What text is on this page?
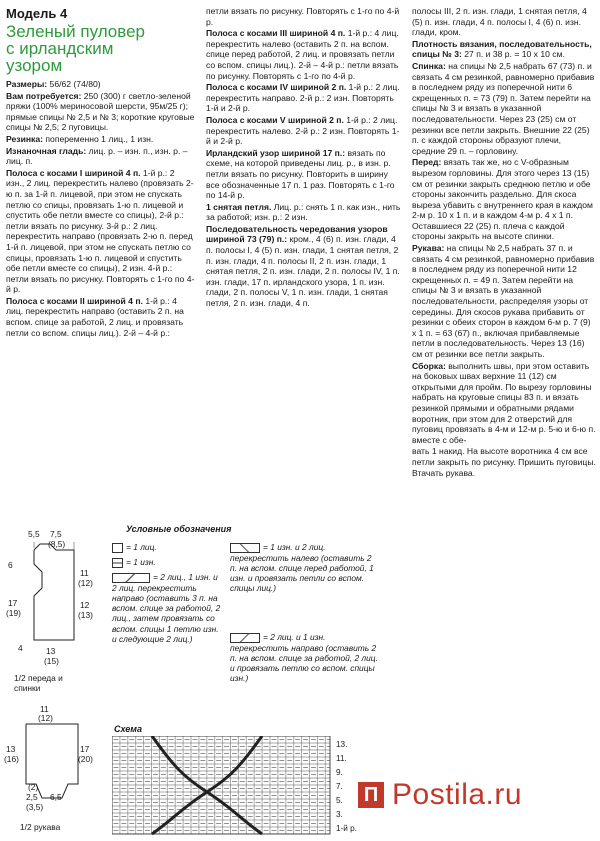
Модель 4
Зеленый пуловер
с ирландским
узором

Размеры: 56/62 (74/80)

Вам потребуется: 250 (300) г светло-зеленой пряжи (100% мериносовой шерсти, 95м/25 г); прямые спицы № 2,5 и № 3; короткие круговые спицы № 2,5; 2 пуговицы.

Резинка: попеременно 1 лиц., 1 изн.

Изнаночная гладь: лиц. р. – изн. п., изн. р. – лиц. п.

Полоса с косами I шириной 4 п. 1-й р.: 2 изн., 2 лиц. перекрестить налево (провязать 2-ю п. за 1-й п. лицевой, при этом не спускать петлю со спицы, провязать 1-ю п. лицевой и спустить обе петли вместе со спицы), 2-й р.: петли вязать по рисунку. 3-й р.: 2 лиц. перекрестить направо (провязать 2-ю п. перед 1-й п. лицевой, при этом не спускать петлю со спицы, провязать 1-ю п. лицевой и спустить обе петли вместе со спицы), 2 изн. 4-й р.: петли вязать по рисунку. Повторять с 1-го по 4-й р.

Полоса с косами II шириной 4 п. 1-й р.: 4 лиц. перекрестить направо (оставить 2 п. на вспом. спице за работой, 2 лиц. и провязать петли со вспом. спицы лиц.). 2-й – 4-й р.:

петли вязать по рисунку. Повторять с 1-го по 4-й р.

Полоса с косами III шириной 4 п. 1-й р.: 4 лиц. перекрестить налево (оставить 2 п. на вспом. спице перед работой, 2 лиц. и провязать петли со вспом. спицы лиц.). 2-й – 4-й р.: петли вязать по рисунку. Повторять с 1-го по 4-й р.

Полоса с косами IV шириной 2 п. 1-й р.: 2 лиц. перекрестить направо. 2-й р.: 2 изн. Повторять 1-й и 2-й р.

Полоса с косами V шириной 2 п. 1-й р.: 2 лиц. перекрестить налево. 2-й р.: 2 изн. Повторять 1-й и 2-й р.

Ирландский узор шириной 17 п.: вязать по схеме, на которой приведены лиц. р., в изн. р. петли вязать по рисунку. Повторить в ширину все обозначенные 17 п. 1 раз. Повторять с 1-го по 14-й р.

1 снятая петля. Лиц. р.: снять 1 п. как изн., нить за работой; изн. р.: 2 изн.

Последовательность чередования узоров шириной 73 (79) п.: кром., 4 (6) п. изн. глади, 4 п. полосы I, 4 (5) п. изн. глади, 1 снятая петля, 2 п. изн. глади, 4 п. полосы II, 2 п. изн. глади, 1 снятая петля, 2 п. изн. глади, 2 п. полосы IV, 1 п. изн. глади, 17 п. ирландского узора, 1 п. изн. глади, 2 п. полосы V, 1 п. изн. глади, 1 снятая петля, 2 п. изн. глади, 4 п.

полосы III, 2 п. изн. глади, 1 снятая петля, 4 (5) п. изн. глади, 4 п. полосы I, 4 (6) п. изн. глади, кром.

Плотность вязания, последовательность, спицы № 3: 27 п. и 38 р. = 10 х 10 см.

Спинка: на спицы № 2,5 набрать 67 (73) п. и связать 4 см резинкой, равномерно прибавив в последнем ряду из поперечной нити 6 скрещенных п. = 73 (79) п. Затем перейти на спицы № 3 и вязать в указанной последовательности. Через 23 (25) см от резинки все петли закрыть. Внешние 22 (25) п. с каждой стороны образуют плечи, средние 29 п. – горловину.

Перед: вязать так же, но с V-образным вырезом горловины. Для этого через 13 (15) см от резинки закрыть среднюю петлю и обе стороны закончить раздельно. Для скоса выреза убавить с внутреннего края в каждом 2-м р. 10 х 1 п. и в каждом 4-м р. 4 х 1 п. Оставшиеся 22 (25) п. плеча с каждой стороны закрыть на высоте спинки.

Рукава: на спицы № 2,5 набрать 37 п. и связать 4 см резинкой, равномерно прибавив в последнем ряду из поперечной нити 12 скрещенных п. = 49 п. Затем перейти на спицы № 3 и вязать в указанной последовательности, распределяя узоры от середины. Для скосов рукава прибавить от резинки с обеих сторон в каждом 6-м р. 7 (9) х 1 п. = 63 (67) п., включая прибавляемые петли в последовательность. Через 13 (16) см от резинки все петли закрыть.

Сборка: выполнить швы, при этом оставить на боковых швах верхние 11 (12) см открытыми для пройм. По вырезу горловины набрать на круговые спицы 83 п. и вязать резинкой прямыми и обратными рядами воротник, при этом для 2 отверстий для пуговиц провязать в 4-м и 12-м р. 5-ю и 6-ю п. вместе с обе-

вать 1 накид. На высоте воротника 4 см все петли закрыть по рисунку. Пришить пуговицы. Втачать рукава.

5,5 7,5
(8,5)
6
11
(12)
17
(19)
12
(13)
4	13
(15)
1/2 переда и спинки
11
(12)
13
(16)
17
(20)
(2)
2,5 6,5
(3,5)
1/2 рукава
Условные обозначения
= 1 лиц.
= 1 изн.
= 2 лиц., 1 изн. и 2 лиц. перекрестить направо (оставить 3 п. на вспом. спице за работой, 2 лиц., затем провязать со вспом. спицы 1 петлю изн. и следующие 2 лиц.)
= 1 изн. и 2 лиц. перекрестить налево (оставить 2 п. на вспом. спице перед работой, 1 изн. и провязать петли со вспом. спицы лиц.)
= 2 лиц. и 1 изн. перекрестить направо (оставить 2 п. на вспом. спице за работой, 2 лиц. и провязать петлю со вспом. спицы изн.)
Схема
13.
11.
9.
7.
5.
3.
1-й р.
П Postila.ru
